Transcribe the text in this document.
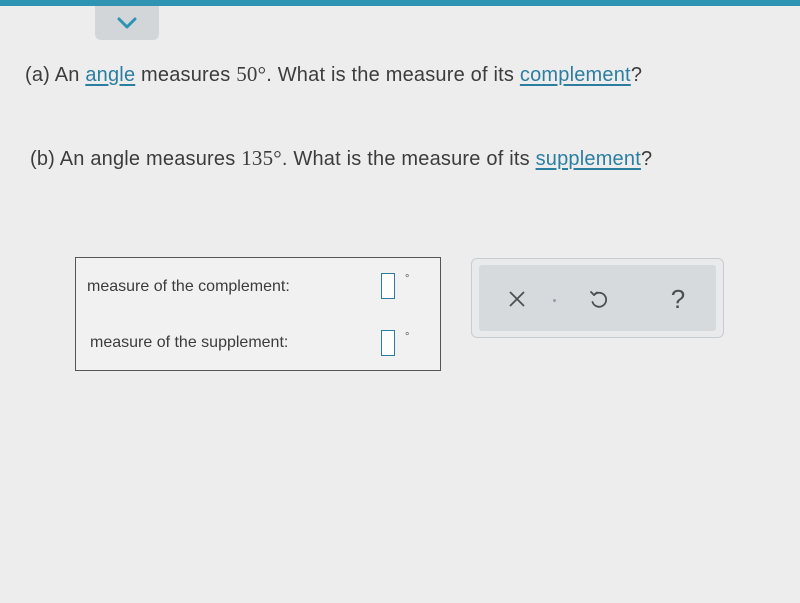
(a) An angle measures 50°. What is the measure of its complement?
(b) An angle measures 135°. What is the measure of its supplement?
measure of the complement:	°
measure of the supplement:	°
?
